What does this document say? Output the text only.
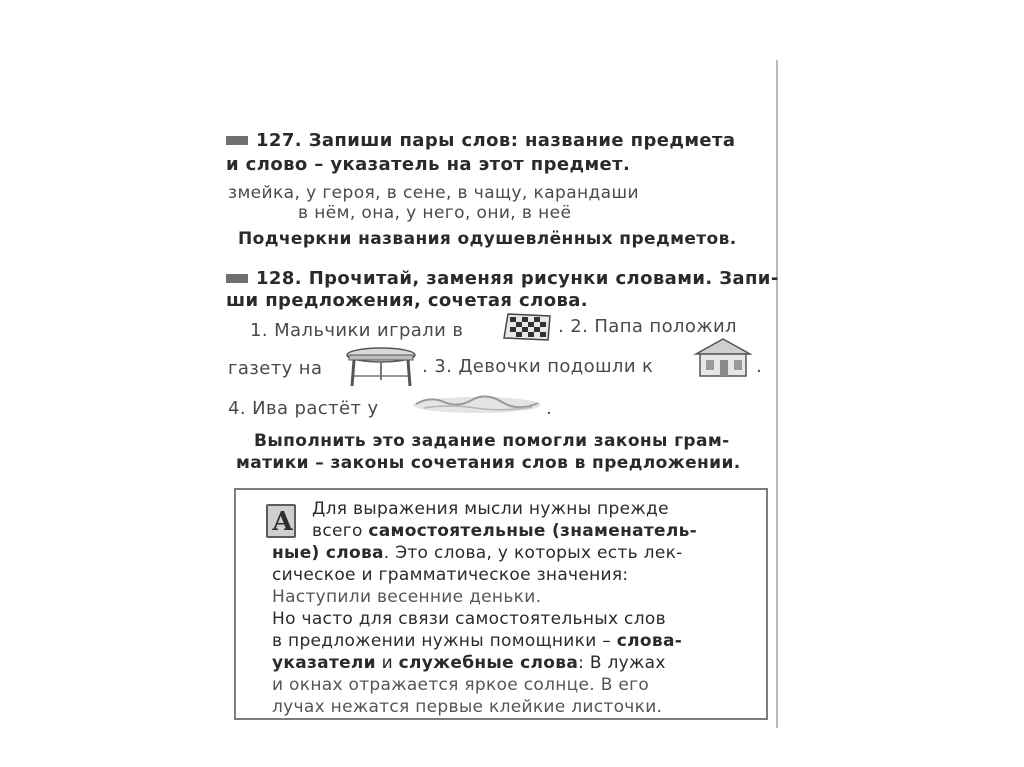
127. Запиши пары слов: название предмета
и слово – указатель на этот предмет.
змейка, у героя, в сене, в чащу, карандаши
в нём, она, у него, они, в неё
Подчеркни названия одушевлённых предметов.
128. Прочитай, заменяя рисунки словами. Запи-
ши предложения, сочетая слова.
1. Мальчики играли в	. 2. Папа положил
газету на	. 3. Девочки подошли к	.
4. Ива растёт у	.
Выполнить это задание помогли законы грам-
матики – законы сочетания слов в предложении.
А Для выражения мысли нужны прежде
всего самостоятельные (знаменатель-
ные) слова. Это слова, у которых есть лек-
сическое и грамматическое значения:
Наступили весенние деньки.
Но часто для связи самостоятельных слов
в предложении нужны помощники – слова-
указатели и служебные слова: В лужах
и окнах отражается яркое солнце. В его
лучах нежатся первые клейкие листочки.
